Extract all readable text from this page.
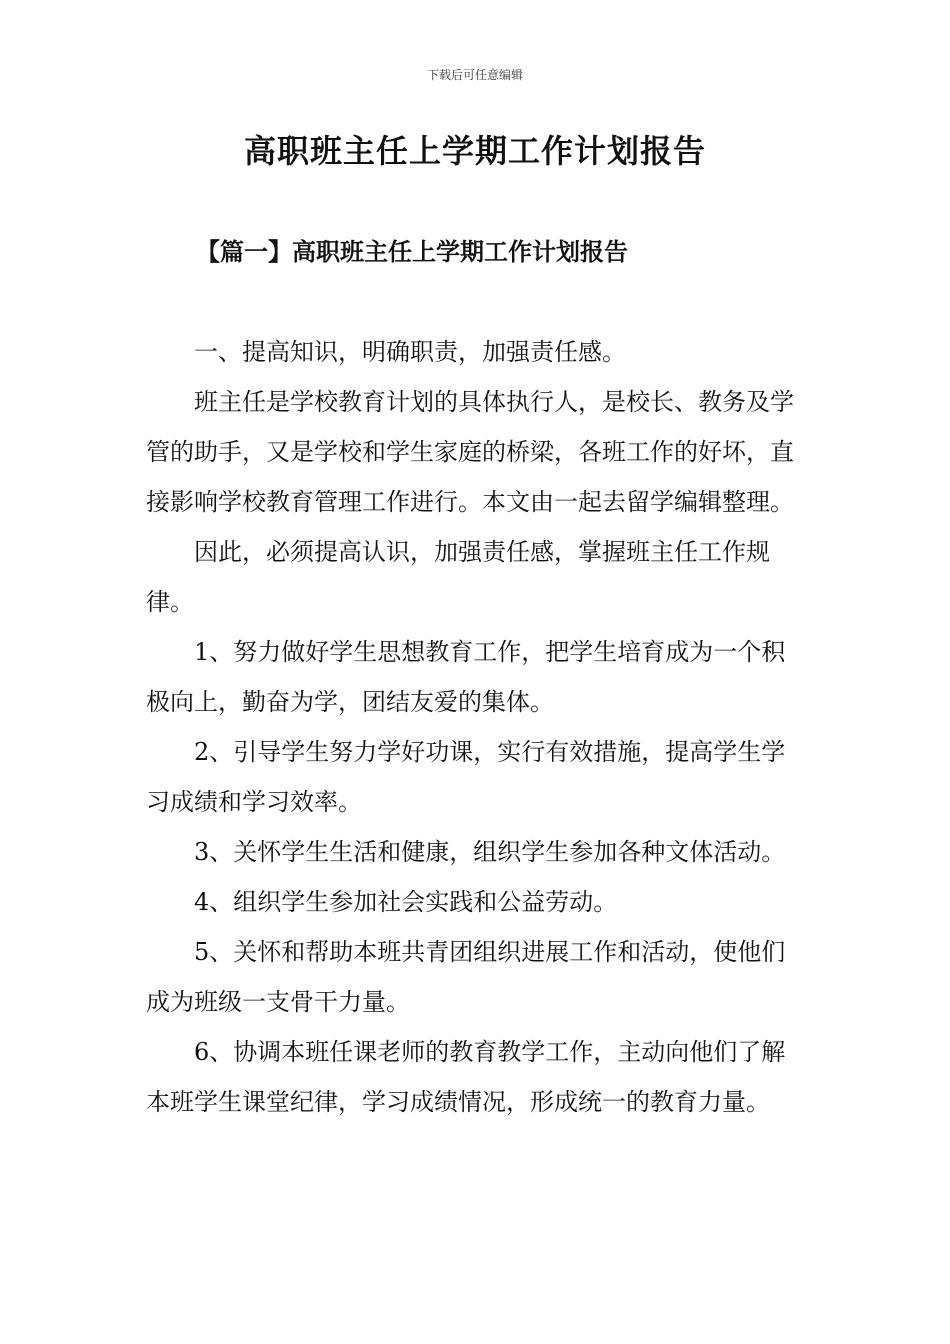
下载后可任意编辑
高职班主任上学期工作计划报告
【篇一】高职班主任上学期工作计划报告

一、提高知识，明确职责，加强责任感。

班主任是学校教育计划的具体执行人，是校长、教务及学管的助手，又是学校和学生家庭的桥梁，各班工作的好坏，直接影响学校教育管理工作进行。本文由一起去留学编辑整理。

因此，必须提高认识，加强责任感，掌握班主任工作规律。

1、努力做好学生思想教育工作，把学生培育成为一个积极向上，勤奋为学，团结友爱的集体。

2、引导学生努力学好功课，实行有效措施，提高学生学习成绩和学习效率。

3、关怀学生生活和健康，组织学生参加各种文体活动。

4、组织学生参加社会实践和公益劳动。

5、关怀和帮助本班共青团组织进展工作和活动，使他们成为班级一支骨干力量。

6、协调本班任课老师的教育教学工作，主动向他们了解本班学生课堂纪律，学习成绩情况，形成统一的教育力量。
